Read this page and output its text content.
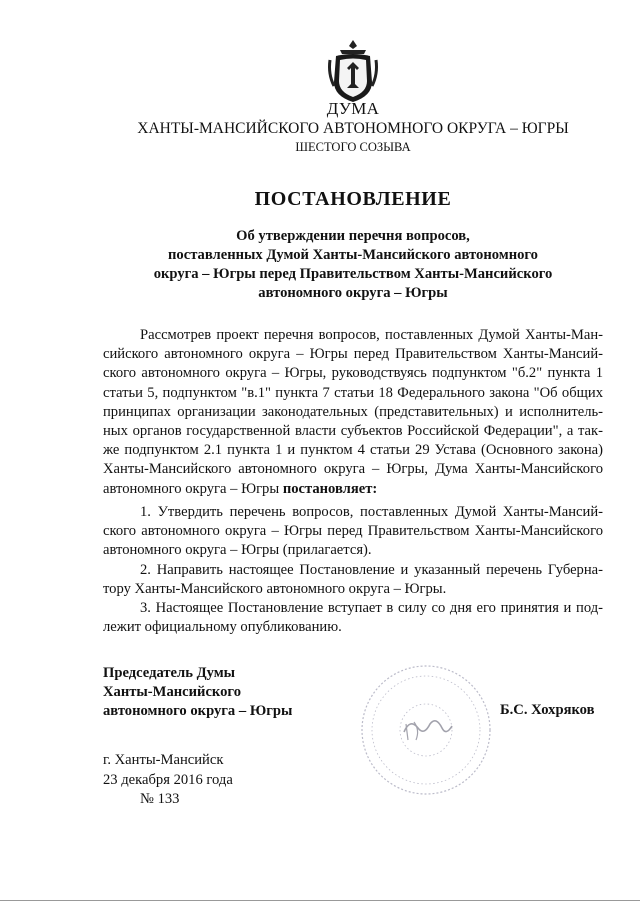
ДУМА
ХАНТЫ-МАНСИЙСКОГО АВТОНОМНОГО ОКРУГА – ЮГРЫ
ШЕСТОГО СОЗЫВА
ПОСТАНОВЛЕНИЕ
Об утверждении перечня вопросов,
поставленных Думой Ханты-Мансийского автономного
округа – Югры перед Правительством Ханты-Мансийского
автономного округа – Югры
Рассмотрев проект перечня вопросов, поставленных Думой Ханты-Ман-
сийского автономного округа – Югры перед Правительством Ханты-Мансий-
ского автономного округа – Югры, руководствуясь подпунктом "б.2" пункта 1
статьи 5, подпунктом "в.1" пункта 7 статьи 18 Федерального закона "Об общих
принципах организации законодательных (представительных) и исполнитель-
ных органов государственной власти субъектов Российской Федерации", а так-
же подпунктом 2.1 пункта 1 и пунктом 4 статьи 29 Устава (Основного закона)
Ханты-Мансийского автономного округа – Югры, Дума Ханты-Мансийского
автономного округа – Югры постановляет:
1. Утвердить перечень вопросов, поставленных Думой Ханты-Мансий-
ского автономного округа – Югры перед Правительством Ханты-Мансийского
автономного округа – Югры (прилагается).
2. Направить настоящее Постановление и указанный перечень Губерна-
тору Ханты-Мансийского автономного округа – Югры.
3. Настоящее Постановление вступает в силу со дня его принятия и под-
лежит официальному опубликованию.
Председатель Думы
Ханты-Мансийского
автономного округа – Югры	Б.С. Хохряков
г. Ханты-Мансийск
23 декабря 2016 года
№ 133
